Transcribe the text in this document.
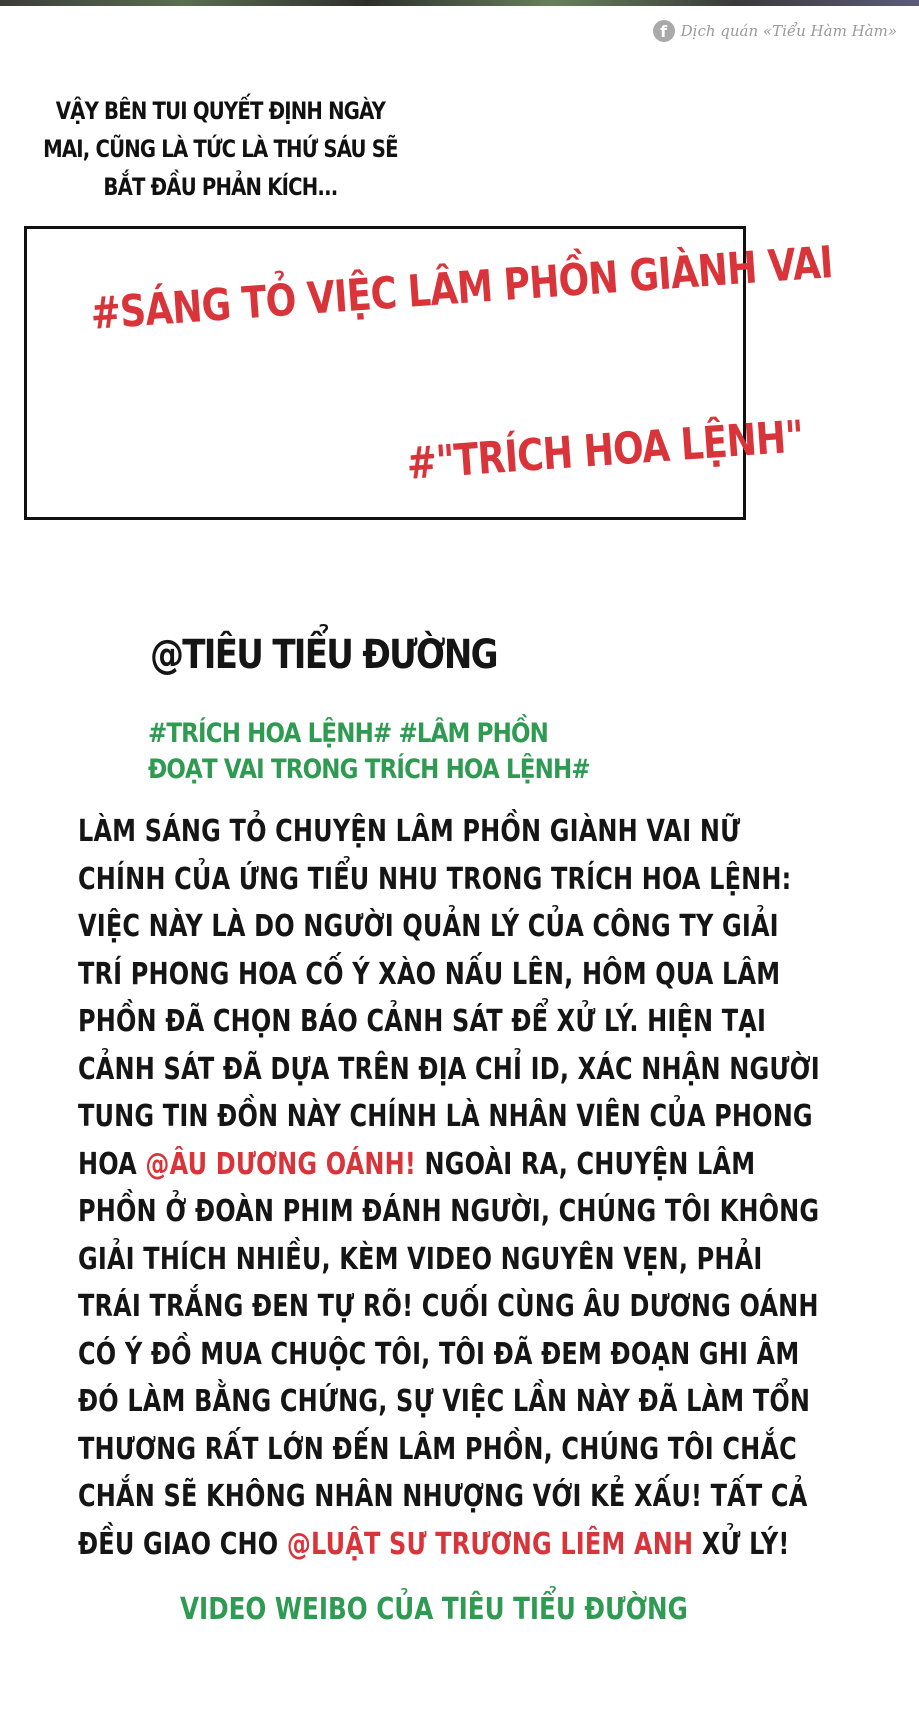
f Dịch quán «Tiểu Hàm Hàm»
VẬY BÊN TUI QUYẾT ĐỊNH NGÀY MAI, CŨNG LÀ TỨC LÀ THỨ SÁU SẼ BẮT ĐẦU PHẢN KÍCH...
#SÁNG TỎ VIỆC LÂM PHỒN GIÀNH VAI
#"TRÍCH HOA LỆNH"
@TIÊU TIỂU ĐƯỜNG
#TRÍCH HOA LỆNH# #LÂM PHỒN
ĐOẠT VAI TRONG TRÍCH HOA LỆNH#
LÀM SÁNG TỎ CHUYỆN LÂM PHỒN GIÀNH VAI NỮ
CHÍNH CỦA ỨNG TIỂU NHU TRONG TRÍCH HOA LỆNH:
VIỆC NÀY LÀ DO NGƯỜI QUẢN LÝ CỦA CÔNG TY GIẢI
TRÍ PHONG HOA CỐ Ý XÀO NẤU LÊN, HÔM QUA LÂM
PHỒN ĐÃ CHỌN BÁO CẢNH SÁT ĐỂ XỬ LÝ. HIỆN TẠI
CẢNH SÁT ĐÃ DỰA TRÊN ĐỊA CHỈ ID, XÁC NHẬN NGƯỜI
TUNG TIN ĐỒN NÀY CHÍNH LÀ NHÂN VIÊN CỦA PHONG
HOA @ÂU DƯƠNG OÁNH! NGOÀI RA, CHUYỆN LÂM
PHỒN Ở ĐOÀN PHIM ĐÁNH NGƯỜI, CHÚNG TÔI KHÔNG
GIẢI THÍCH NHIỀU, KÈM VIDEO NGUYÊN VẸN, PHẢI
TRÁI TRẮNG ĐEN TỰ RÕ! CUỐI CÙNG ÂU DƯƠNG OÁNH
CÓ Ý ĐỒ MUA CHUỘC TÔI, TÔI ĐÃ ĐEM ĐOẠN GHI ÂM
ĐÓ LÀM BẰNG CHỨNG, SỰ VIỆC LẦN NÀY ĐÃ LÀM TỔN
THƯƠNG RẤT LỚN ĐẾN LÂM PHỒN, CHÚNG TÔI CHẮC
CHẮN SẼ KHÔNG NHÂN NHƯỢNG VỚI KẺ XẤU! TẤT CẢ
ĐỀU GIAO CHO @LUẬT SƯ TRƯƠNG LIÊM ANH XỬ LÝ!
VIDEO WEIBO CỦA TIÊU TIỂU ĐƯỜNG
